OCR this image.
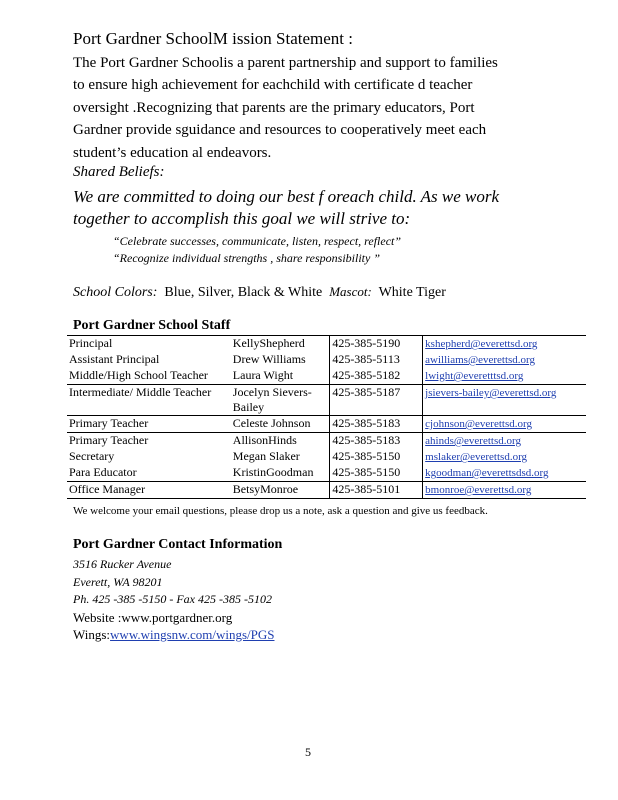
Port Gardner SchoolM ission Statement :
The Port Gardner Schoolis a parent partnership and support to families
to ensure high achievement for eachchild with certificate d teacher
oversight .Recognizing that parents are the primary educators, Port
Gardner provide sguidance and resources to cooperatively meet each
student’s education al endeavors.
Shared Beliefs:
We are committed to doing our best f oreach child. As we work
together to accomplish this goal we will strive to:
“Celebrate successes, communicate, listen, respect, reflect”
“Recognize individual strengths , share responsibility ”
School Colors: Blue, Silver, Black & White Mascot: White Tiger
Port Gardner School Staff
Principal	KellyShepherd	425-385-5190	kshepherd@everettsd.org
Assistant Principal	Drew Williams	425-385-5113	awilliams@everettsd.org
Middle/High School Teacher	Laura Wight	425-385-5182	lwight@everetttsd.org
Intermediate/ Middle Teacher	Jocelyn Sievers-Bailey	425-385-5187	jsievers-bailey@everettsd.org
Primary Teacher	Celeste Johnson	425-385-5183	cjohnson@everettsd.org
Primary Teacher	AllisonHinds	425-385-5183	ahinds@everettsd.org
Secretary	Megan Slaker	425-385-5150	mslaker@everettsd.org
Para Educator	KristinGoodman	425-385-5150	kgoodman@everettsdsd.org
Office Manager	BetsyMonroe	425-385-5101	bmonroe@everettsd.org
We welcome your email questions, please drop us a note, ask a question and give us feedback.
Port Gardner Contact Information
3516 Rucker Avenue
Everett, WA 98201
Ph. 425 -385 -5150 - Fax 425 -385 -5102
Website :www.portgardner.org
Wings:www.wingsnw.com/wings/PGS
5
